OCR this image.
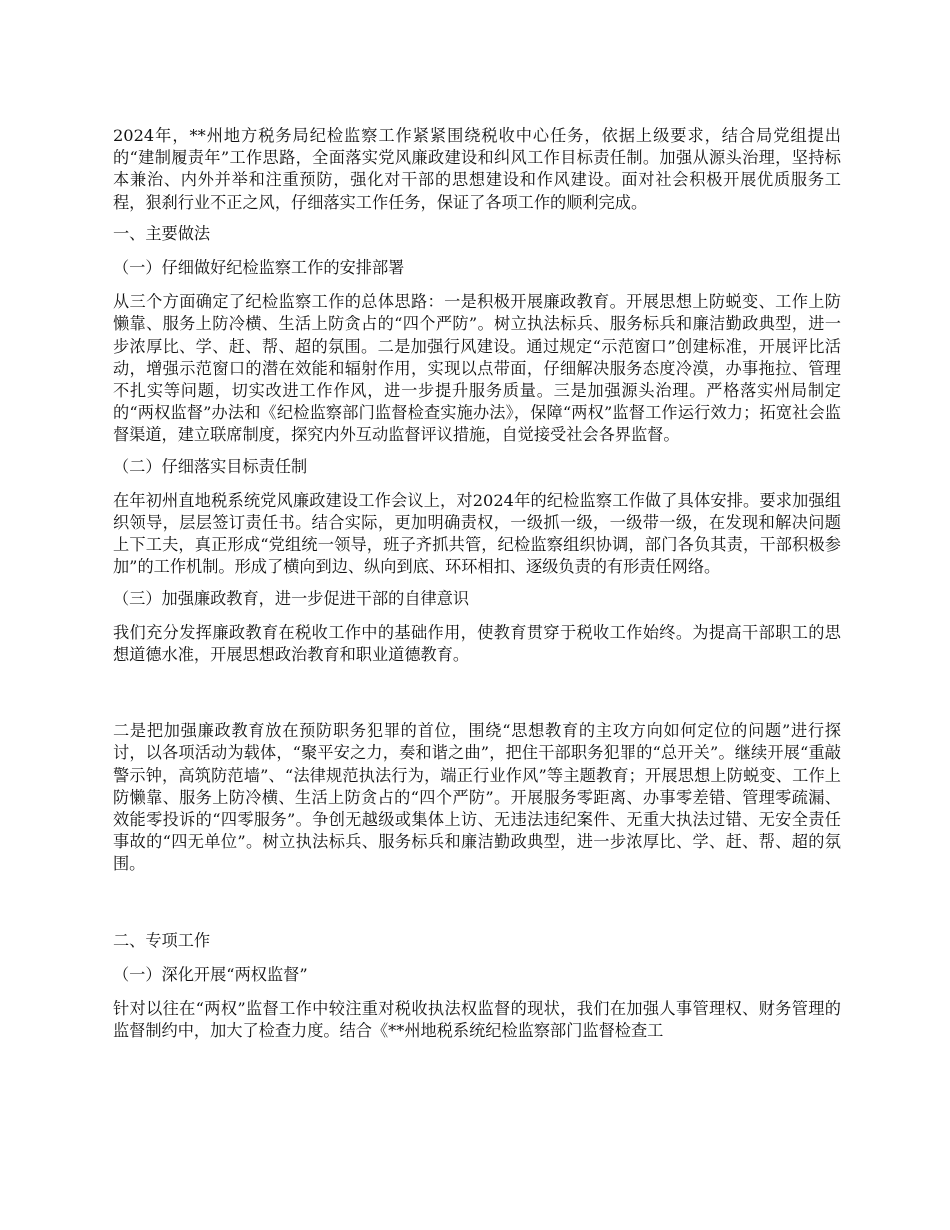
2024年，**州地方税务局纪检监察工作紧紧围绕税收中心任务，依据上级要求，结合局党组提出的“建制履责年”工作思路，全面落实党风廉政建设和纠风工作目标责任制。加强从源头治理，坚持标本兼治、内外并举和注重预防，强化对干部的思想建设和作风建设。面对社会积极开展优质服务工程，狠刹行业不正之风，仔细落实工作任务，保证了各项工作的顺利完成。

一、主要做法

（一）仔细做好纪检监察工作的安排部署

从三个方面确定了纪检监察工作的总体思路：一是积极开展廉政教育。开展思想上防蜕变、工作上防懒靠、服务上防冷横、生活上防贪占的“四个严防”。树立执法标兵、服务标兵和廉洁勤政典型，进一步浓厚比、学、赶、帮、超的氛围。二是加强行风建设。通过规定“示范窗口”创建标准，开展评比活动，增强示范窗口的潜在效能和辐射作用，实现以点带面，仔细解决服务态度冷漠，办事拖拉、管理不扎实等问题，切实改进工作作风，进一步提升服务质量。三是加强源头治理。严格落实州局制定的“两权监督”办法和《纪检监察部门监督检查实施办法》，保障“两权”监督工作运行效力；拓宽社会监督渠道，建立联席制度，探究内外互动监督评议措施，自觉接受社会各界监督。

（二）仔细落实目标责任制

在年初州直地税系统党风廉政建设工作会议上，对2024年的纪检监察工作做了具体安排。要求加强组织领导，层层签订责任书。结合实际，更加明确责权，一级抓一级，一级带一级，在发现和解决问题上下工夫，真正形成“党组统一领导，班子齐抓共管，纪检监察组织协调，部门各负其责，干部积极参加”的工作机制。形成了横向到边、纵向到底、环环相扣、逐级负责的有形责任网络。

（三）加强廉政教育，进一步促进干部的自律意识

我们充分发挥廉政教育在税收工作中的基础作用，使教育贯穿于税收工作始终。为提高干部职工的思想道德水准，开展思想政治教育和职业道德教育。

二是把加强廉政教育放在预防职务犯罪的首位，围绕“思想教育的主攻方向如何定位的问题”进行探讨，以各项活动为载体，“聚平安之力，奏和谐之曲”，把住干部职务犯罪的“总开关”。继续开展“重敲警示钟，高筑防范墙”、“法律规范执法行为，端正行业作风”等主题教育；开展思想上防蜕变、工作上防懒靠、服务上防冷横、生活上防贪占的“四个严防”。开展服务零距离、办事零差错、管理零疏漏、效能零投诉的“四零服务”。争创无越级或集体上访、无违法违纪案件、无重大执法过错、无安全责任事故的“四无单位”。树立执法标兵、服务标兵和廉洁勤政典型，进一步浓厚比、学、赶、帮、超的氛围。

二、专项工作

（一）深化开展“两权监督”

针对以往在“两权”监督工作中较注重对税收执法权监督的现状，我们在加强人事管理权、财务管理的监督制约中，加大了检查力度。结合《**州地税系统纪检监察部门监督检查工
